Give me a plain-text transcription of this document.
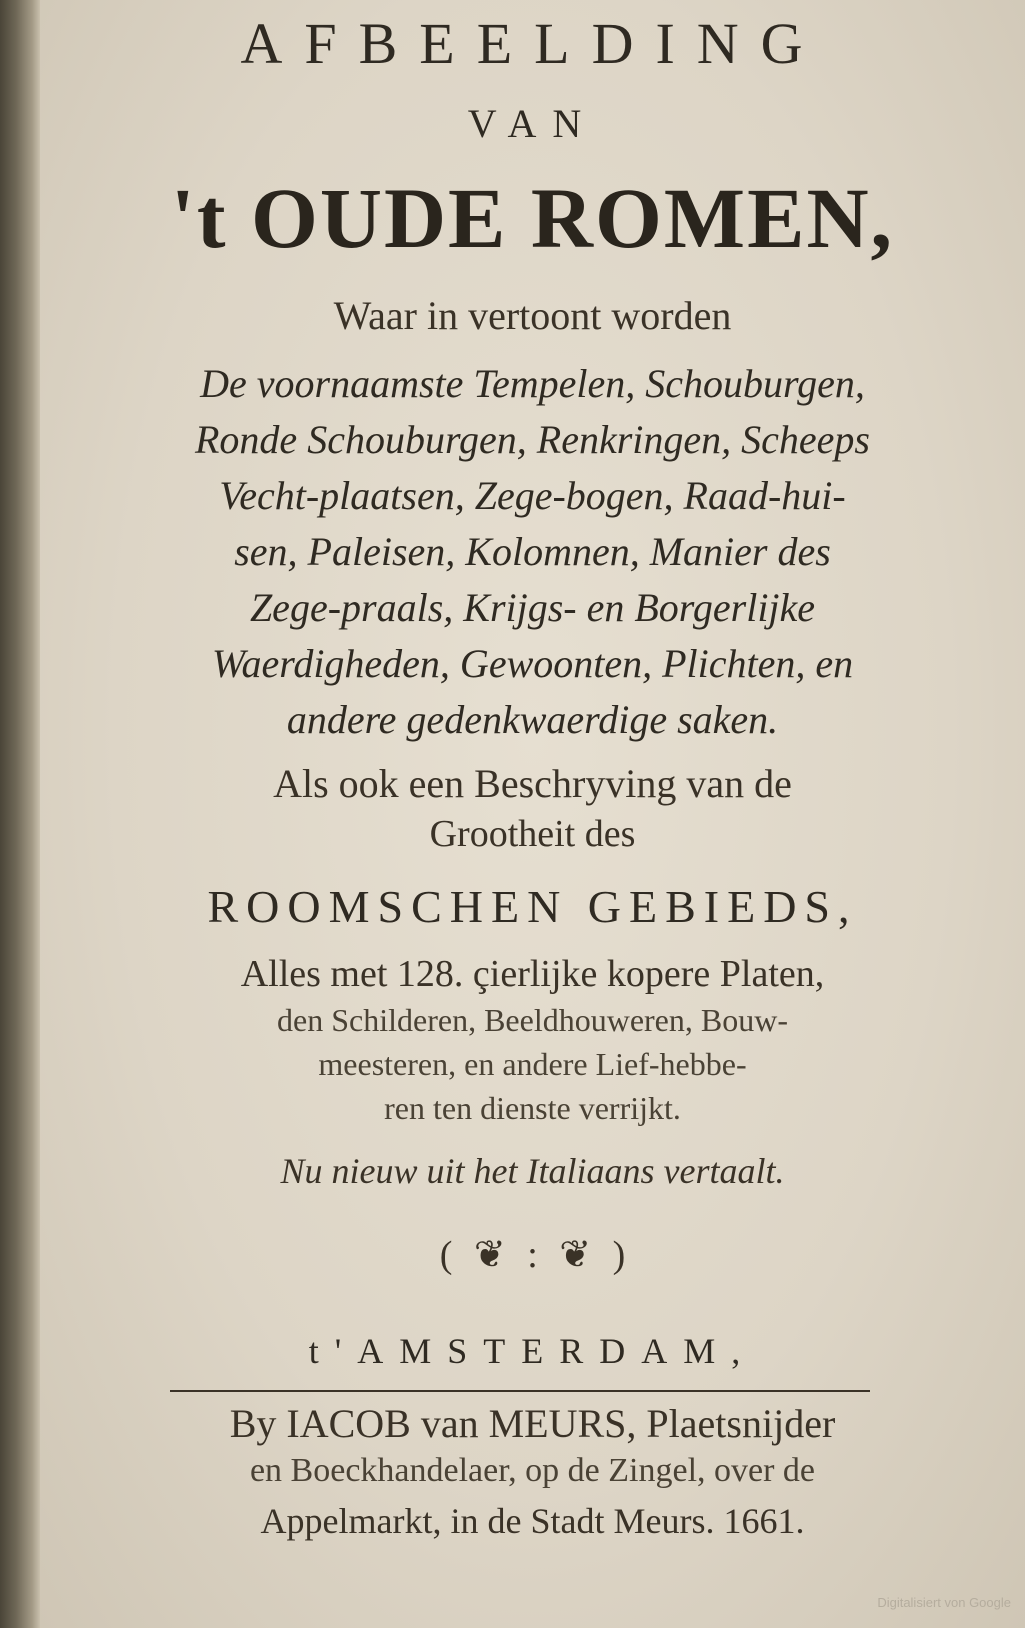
AFBEELDING
VAN
't OUDE ROMEN,
Waar in vertoont worden
De voornaamste Tempelen, Schouburgen,
Ronde Schouburgen, Renkringen, Scheeps
Vecht-plaatsen, Zege-bogen, Raad-hui-
sen, Paleisen, Kolomnen, Manier des
Zege-praals, Krijgs- en Borgerlijke
Waerdigheden, Gewoonten, Plichten, en
andere gedenkwaerdige saken.
Als ook een Beschryving van de
Grootheit des
ROOMSCHEN GEBIEDS,
Alles met 128. çierlijke kopere Platen,
den Schilderen, Beeldhouweren, Bouw-
meesteren, en andere Lief-hebbe-
ren ten dienste verrijkt.
Nu nieuw uit het Italiaans vertaalt.
( ❦ : ❦ )
t'AMSTERDAM,
By IACOB van MEURS, Plaetsnijder
en Boeckhandelaer, op de Zingel, over de
Appelmarkt, in de Stadt Meurs. 1661.
Digitalisiert von Google
